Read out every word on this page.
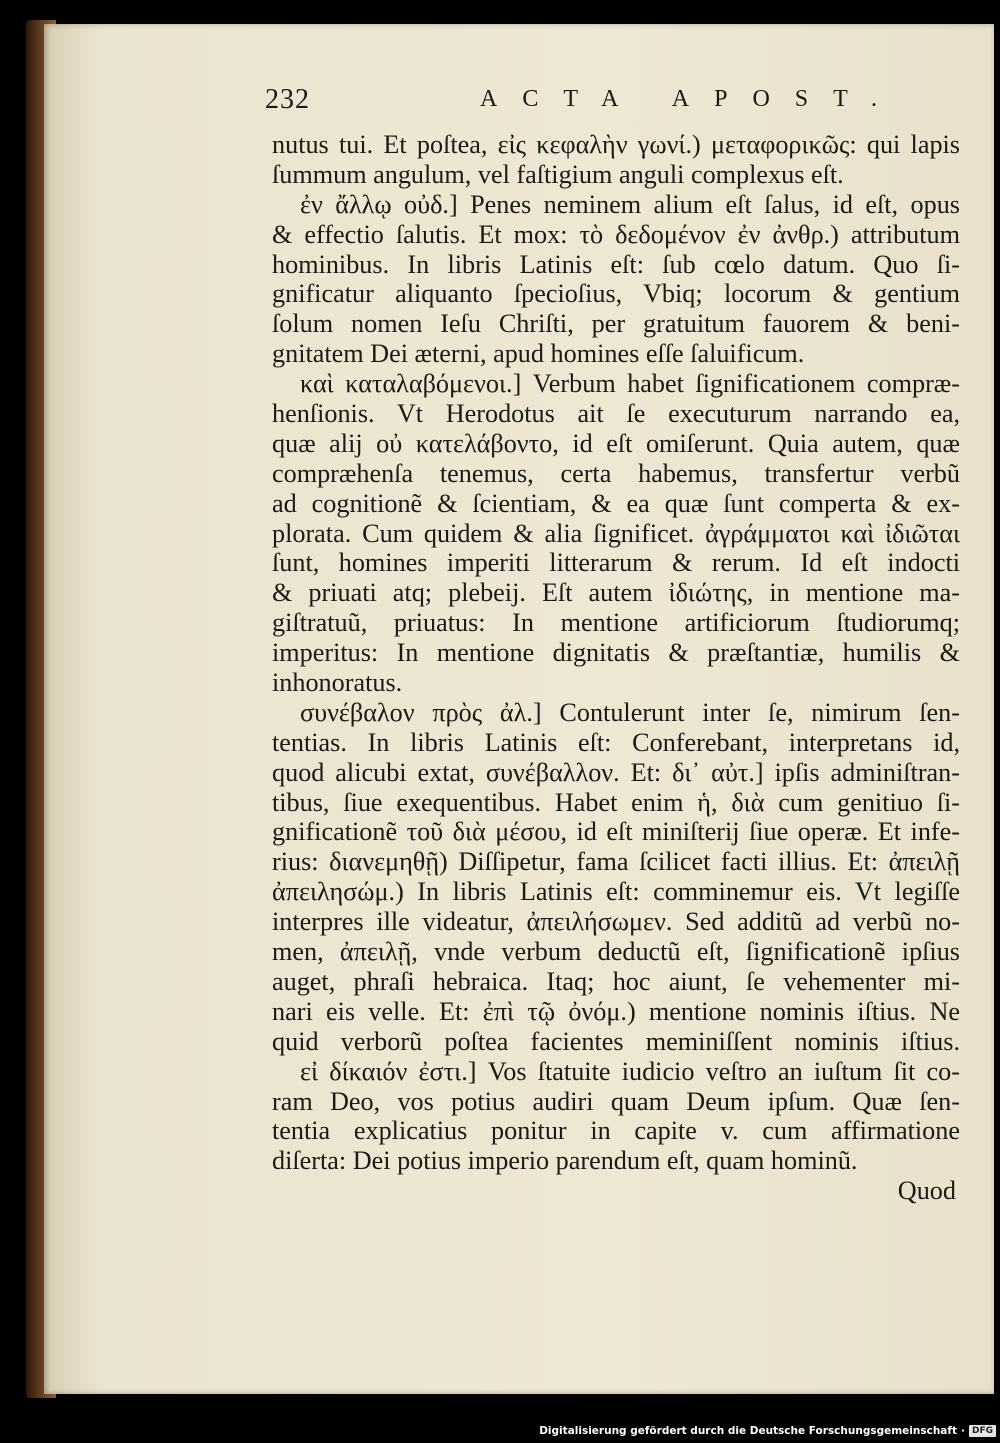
232	ACTA APOST.
nutus tui. Et poſtea, εἰς κεφαλὴν γωνί.) μεταφορικῶς: qui lapis
ſummum angulum, vel faſtigium anguli complexus eſt.
ἐν ἄλλῳ οὐδ.] Penes neminem alium eſt ſalus, id eſt, opus
& effectio ſalutis. Et mox: τὸ δεδομένον ἐν ἀνθρ.) attributum
hominibus. In libris Latinis eſt: ſub cœlo datum. Quo ſi-
gnificatur aliquanto ſpecioſius, Vbiq; locorum & gentium
ſolum nomen Ieſu Chriſti, per gratuitum fauorem & beni-
gnitatem Dei æterni, apud homines eſſe ſaluificum.
καὶ καταλαβόμενοι.] Verbum habet ſignificationem compræ-
henſionis. Vt Herodotus ait ſe executurum narrando ea,
quæ alij οὐ κατελάβοντο, id eſt omiſerunt. Quia autem, quæ
compræhenſa tenemus, certa habemus, transfertur verbũ
ad cognitionẽ & ſcientiam, & ea quæ ſunt comperta & ex-
plorata. Cum quidem & alia ſignificet. ἀγράμματοι καὶ ἰδιῶται
ſunt, homines imperiti litterarum & rerum. Id eſt indocti
& priuati atq; plebeij. Eſt autem ἰδιώτης, in mentione ma-
giſtratuũ, priuatus: In mentione artificiorum ſtudiorumq;
imperitus: In mentione dignitatis & præſtantiæ, humilis &
inhonoratus.
συνέβαλον πρὸς ἀλ.] Contulerunt inter ſe, nimirum ſen-
tentias. In libris Latinis eſt: Conferebant, interpretans id,
quod alicubi extat, συνέβαλλον. Et: δι᾽ αὐτ.] ipſis adminiſtran-
tibus, ſiue exequentibus. Habet enim ἡ, διὰ cum genitiuo ſi-
gnificationẽ τοῦ διὰ μέσου, id eſt miniſterij ſiue operæ. Et infe-
rius: διανεμηθῇ) Diſſipetur, fama ſcilicet facti illius. Et: ἀπειλῇ
ἀπειλησώμ.) In libris Latinis eſt: comminemur eis. Vt legiſſe
interpres ille videatur, ἀπειλήσωμεν. Sed additũ ad verbũ no-
men, ἀπειλῇ, vnde verbum deductũ eſt, ſignificationẽ ipſius
auget, phraſi hebraica. Itaq; hoc aiunt, ſe vehementer mi-
nari eis velle. Et: ἐπὶ τῷ ὀνόμ.) mentione nominis iſtius. Ne
quid verborũ poſtea facientes meminiſſent nominis iſtius.
εἰ δίκαιόν ἐστι.] Vos ſtatuite iudicio veſtro an iuſtum ſit co-
ram Deo, vos potius audiri quam Deum ipſum. Quæ ſen-
tentia explicatius ponitur in capite v. cum affirmatione
diſerta: Dei potius imperio parendum eſt, quam hominũ.
Quod
Digitalisierung gefördert durch die Deutsche Forschungsgemeinschaft · DFG
